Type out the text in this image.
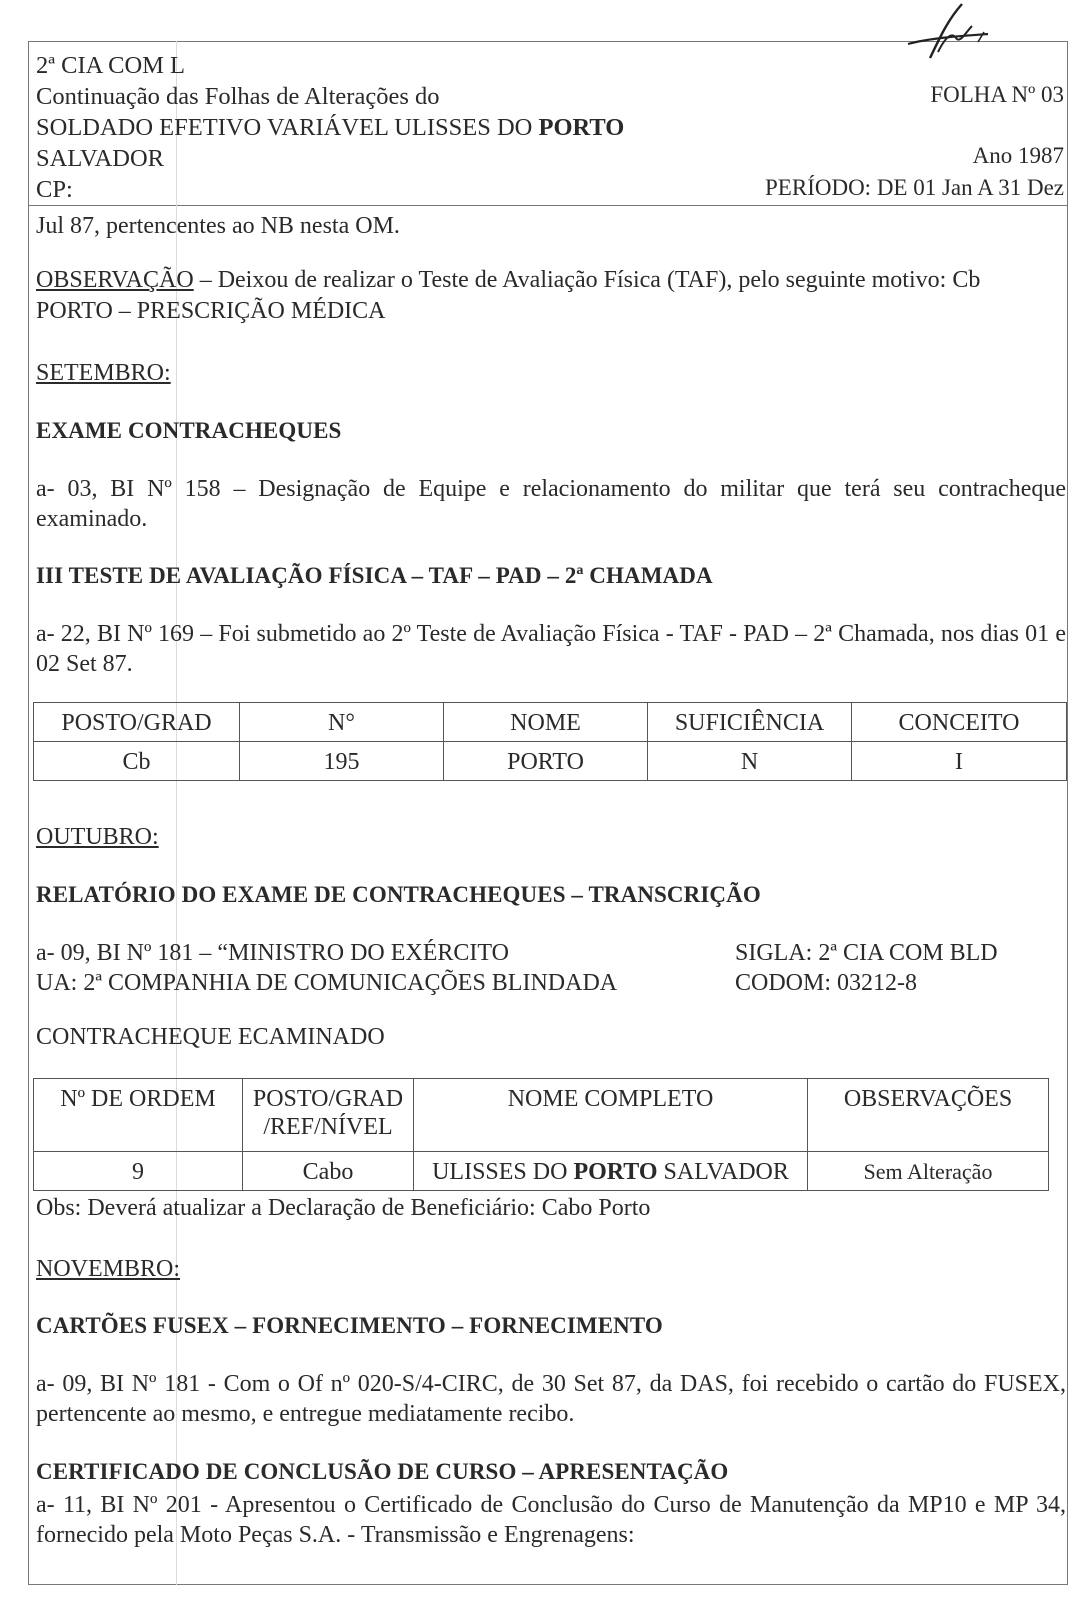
2ª CIA COM L
Continuação das Folhas de Alterações do
SOLDADO EFETIVO VARIÁVEL ULISSES DO PORTO
SALVADOR
CP:
FOLHA Nº 03
Ano 1987
PERÍODO: DE 01 Jan A 31 Dez
Jul 87, pertencentes ao NB nesta OM.
OBSERVAÇÃO – Deixou de realizar o Teste de Avaliação Física (TAF), pelo seguinte motivo: Cb
PORTO – PRESCRIÇÃO MÉDICA
SETEMBRO:
EXAME CONTRACHEQUES
a- 03, BI Nº 158 – Designação de Equipe e relacionamento do militar que terá seu contracheque examinado.
III TESTE DE AVALIAÇÃO FÍSICA – TAF – PAD – 2ª CHAMADA
a- 22, BI Nº 169 – Foi submetido ao 2º Teste de Avaliação Física - TAF - PAD – 2ª Chamada, nos dias 01 e 02 Set 87.
POSTO/GRAD	N°	NOME	SUFICIÊNCIA	CONCEITO
Cb	195	PORTO	N	I
OUTUBRO:
RELATÓRIO DO EXAME DE CONTRACHEQUES – TRANSCRIÇÃO
a- 09, BI Nº 181 – “MINISTRO DO EXÉRCITO
UA: 2ª COMPANHIA DE COMUNICAÇÕES BLINDADA
SIGLA: 2ª CIA COM BLD
CODOM: 03212-8
CONTRACHEQUE ECAMINADO
Nº DE ORDEM	POSTO/GRAD /REF/NÍVEL	NOME COMPLETO	OBSERVAÇÕES
9	Cabo	ULISSES DO PORTO SALVADOR	Sem Alteração
Obs: Deverá atualizar a Declaração de Beneficiário: Cabo Porto
NOVEMBRO:
CARTÕES FUSEX – FORNECIMENTO – FORNECIMENTO
a- 09, BI Nº 181 - Com o Of nº 020-S/4-CIRC, de 30 Set 87, da DAS, foi recebido o cartão do FUSEX, pertencente ao mesmo, e entregue mediatamente recibo.
CERTIFICADO DE CONCLUSÃO DE CURSO – APRESENTAÇÃO
a- 11, BI Nº 201 - Apresentou o Certificado de Conclusão do Curso de Manutenção da MP10 e MP 34, fornecido pela Moto Peças S.A. - Transmissão e Engrenagens:
